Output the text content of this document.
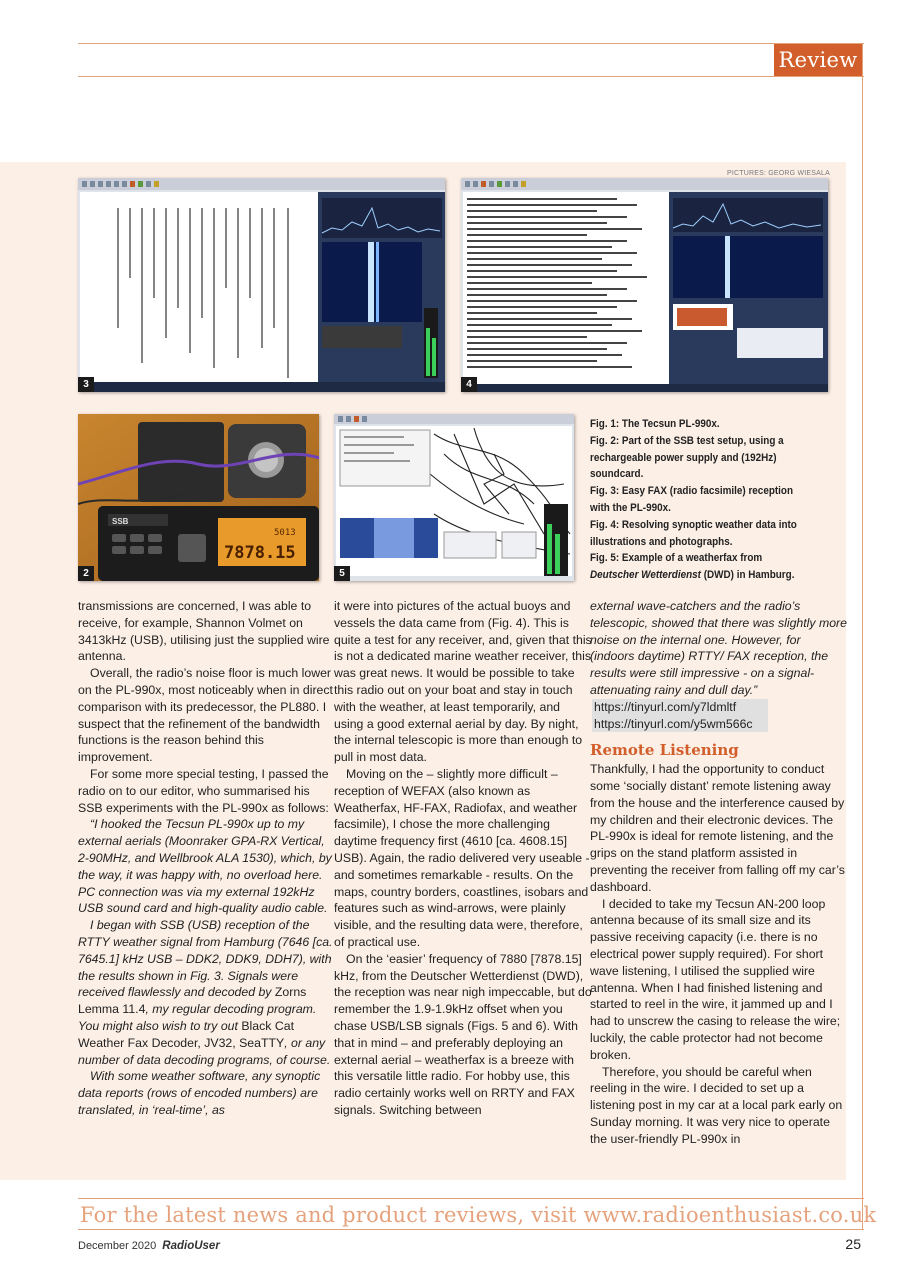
Review
PICTURES: GEORG WIESALA
3	4
SSB
5013
7878.15
2	5

Fig. 1: The Tecsun PL-990x.

Fig. 2: Part of the SSB test setup, using a rechargeable power supply and (192Hz) soundcard.

Fig. 3: Easy FAX (radio facsimile) reception with the PL-990x.

Fig. 4: Resolving synoptic weather data into illustrations and photographs.

Fig. 5: Example of a weatherfax from Deutscher Wetterdienst (DWD) in Hamburg.

transmissions are concerned, I was able to receive, for example, Shannon Volmet on 3413kHz (USB), utilising just the supplied wire antenna.

Overall, the radio’s noise floor is much lower on the PL-990x, most noticeably when in direct comparison with its predecessor, the PL880. I suspect that the refinement of the bandwidth functions is the reason behind this improvement.

For some more special testing, I passed the radio on to our editor, who summarised his SSB experiments with the PL-990x as follows:

“I hooked the Tecsun PL-990x up to my external aerials (Moonraker GPA-RX Vertical, 2-90MHz, and Wellbrook ALA 1530), which, by the way, it was happy with, no overload here. PC connection was via my external 192kHz USB sound card and high-quality audio cable.

I began with SSB (USB) reception of the RTTY weather signal from Hamburg (7646 [ca. 7645.1] kHz USB – DDK2, DDK9, DDH7), with the results shown in Fig. 3. Signals were received flawlessly and decoded by Zorns Lemma 11.4, my regular decoding program. You might also wish to try out Black Cat Weather Fax Decoder, JV32, SeaTTY, or any number of data decoding programs, of course.

With some weather software, any synoptic data reports (rows of encoded numbers) are translated, in ‘real-time’, as

it were into pictures of the actual buoys and vessels the data came from (Fig. 4). This is quite a test for any receiver, and, given that this is not a dedicated marine weather receiver, this was great news. It would be possible to take this radio out on your boat and stay in touch with the weather, at least temporarily, and using a good external aerial by day. By night, the internal telescopic is more than enough to pull in most data.

Moving on the – slightly more difficult – reception of WEFAX (also known as Weatherfax, HF-FAX, Radiofax, and weather facsimile), I chose the more challenging daytime frequency first (4610 [ca. 4608.15] USB). Again, the radio delivered very useable - and sometimes remarkable - results. On the maps, country borders, coastlines, isobars and features such as wind-arrows, were plainly visible, and the resulting data were, therefore, of practical use.

On the ‘easier’ frequency of 7880 [7878.15] kHz, from the Deutscher Wetterdienst (DWD), the reception was near nigh impeccable, but do remember the 1.9-1.9kHz offset when you chase USB/LSB signals (Figs. 5 and 6). With that in mind – and preferably deploying an external aerial – weatherfax is a breeze with this versatile little radio. For hobby use, this radio certainly works well on RRTY and FAX signals. Switching between

external wave-catchers and the radio’s telescopic, showed that there was slightly more noise on the internal one. However, for (indoors daytime) RTTY/ FAX reception, the results were still impressive - on a signal-attenuating rainy and dull day.”

https://tinyurl.com/y7ldmltf
https://tinyurl.com/y5wm566c
Remote Listening

Thankfully, I had the opportunity to conduct some ‘socially distant’ remote listening away from the house and the interference caused by my children and their electronic devices. The PL-990x is ideal for remote listening, and the grips on the stand platform assisted in preventing the receiver from falling off my car’s dashboard.

I decided to take my Tecsun AN-200 loop antenna because of its small size and its passive receiving capacity (i.e. there is no electrical power supply required). For short wave listening, I utilised the supplied wire antenna. When I had finished listening and started to reel in the wire, it jammed up and I had to unscrew the casing to release the wire; luckily, the cable protector had not become broken.

Therefore, you should be careful when reeling in the wire. I decided to set up a listening post in my car at a local park early on Sunday morning. It was very nice to operate the user-friendly PL-990x in

For the latest news and product reviews, visit www.radioenthusiast.co.uk
December 2020 RadioUser	25
